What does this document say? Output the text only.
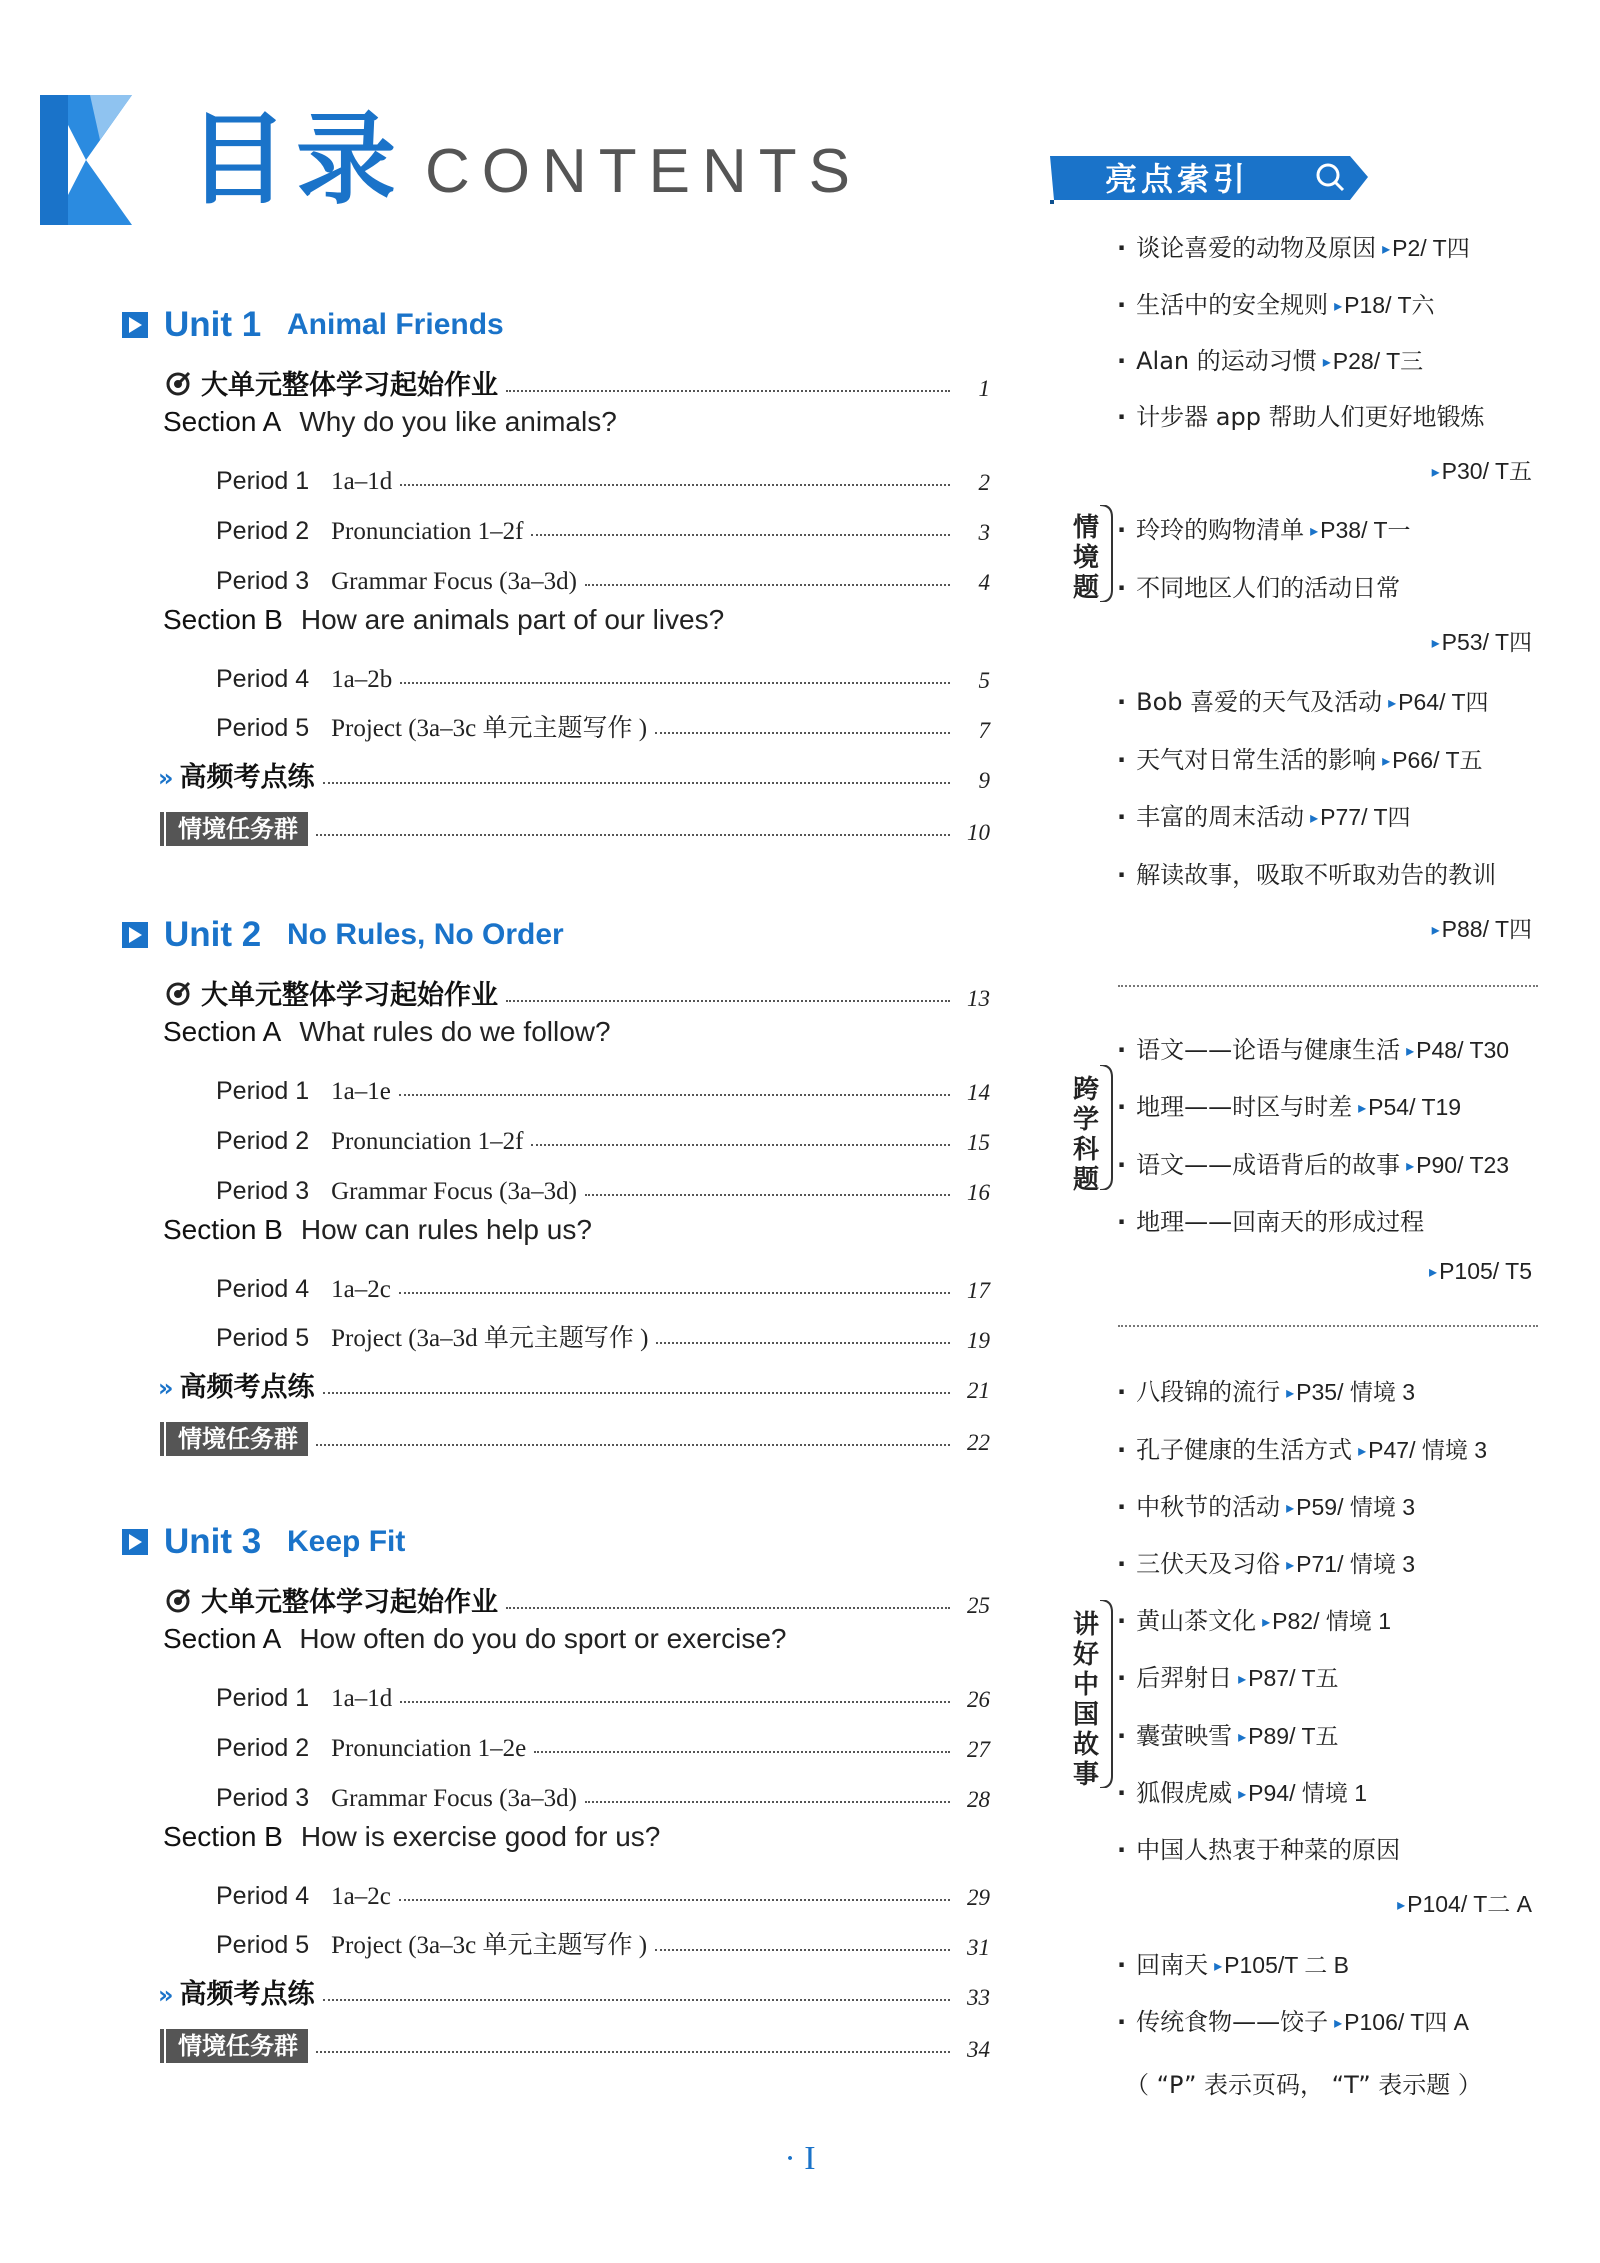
目录 CONTENTS
Unit 1 Animal Friends
大单元整体学习起始作业	1
Section A Why do you like animals?
Period 1 1a–1d	2
Period 2 Pronunciation 1–2f	3
Period 3 Grammar Focus (3a–3d)	4
Section B How are animals part of our lives?
Period 4 1a–2b	5
Period 5 Project (3a–3c 单元主题写作 )	7
» 高频考点练	9
情境任务群	10
Unit 2 No Rules, No Order
大单元整体学习起始作业	13
Section A What rules do we follow?
Period 1 1a–1e	14
Period 2 Pronunciation 1–2f	15
Period 3 Grammar Focus (3a–3d)	16
Section B How can rules help us?
Period 4 1a–2c	17
Period 5 Project (3a–3d 单元主题写作 )	19
» 高频考点练	21
情境任务群	22
Unit 3 Keep Fit
大单元整体学习起始作业	25
Section A How often do you do sport or exercise?
Period 1 1a–1d	26
Period 2 Pronunciation 1–2e	27
Period 3 Grammar Focus (3a–3d)	28
Section B How is exercise good for us?
Period 4 1a–2c	29
Period 5 Project (3a–3c 单元主题写作 )	31
» 高频考点练	33
情境任务群	34
亮点索引
· 谈论喜爱的动物及原因 ▸P2/ T四
· 生活中的安全规则 ▸P18/ T六
· Alan 的运动习惯 ▸P28/ T三
· 计步器 app 帮助人们更好地锻炼
▸P30/ T五
· 玲玲的购物清单 ▸P38/ T一
· 不同地区人们的活动日常
▸P53/ T四
· Bob 喜爱的天气及活动 ▸P64/ T四
· 天气对日常生活的影响 ▸P66/ T五
· 丰富的周末活动 ▸P77/ T四
· 解读故事，吸取不听取劝告的教训
▸P88/ T四
情
境
题
· 语文——论语与健康生活 ▸P48/ T30
· 地理——时区与时差 ▸P54/ T19
· 语文——成语背后的故事 ▸P90/ T23
· 地理——回南天的形成过程
▸P105/ T5
跨
学
科
题
· 八段锦的流行 ▸P35/ 情境 3
· 孔子健康的生活方式 ▸P47/ 情境 3
· 中秋节的活动 ▸P59/ 情境 3
· 三伏天及习俗 ▸P71/ 情境 3
· 黄山茶文化 ▸P82/ 情境 1
· 后羿射日 ▸P87/ T五
· 囊萤映雪 ▸P89/ T五
· 狐假虎威 ▸P94/ 情境 1
· 中国人热衷于种菜的原因
▸P104/ T二 A
· 回南天 ▸P105/T 二 B
· 传统食物——饺子 ▸P106/ T四 A
讲
好
中
国
故
事
（ “P” 表示页码， “T” 表示题 ）
· I
